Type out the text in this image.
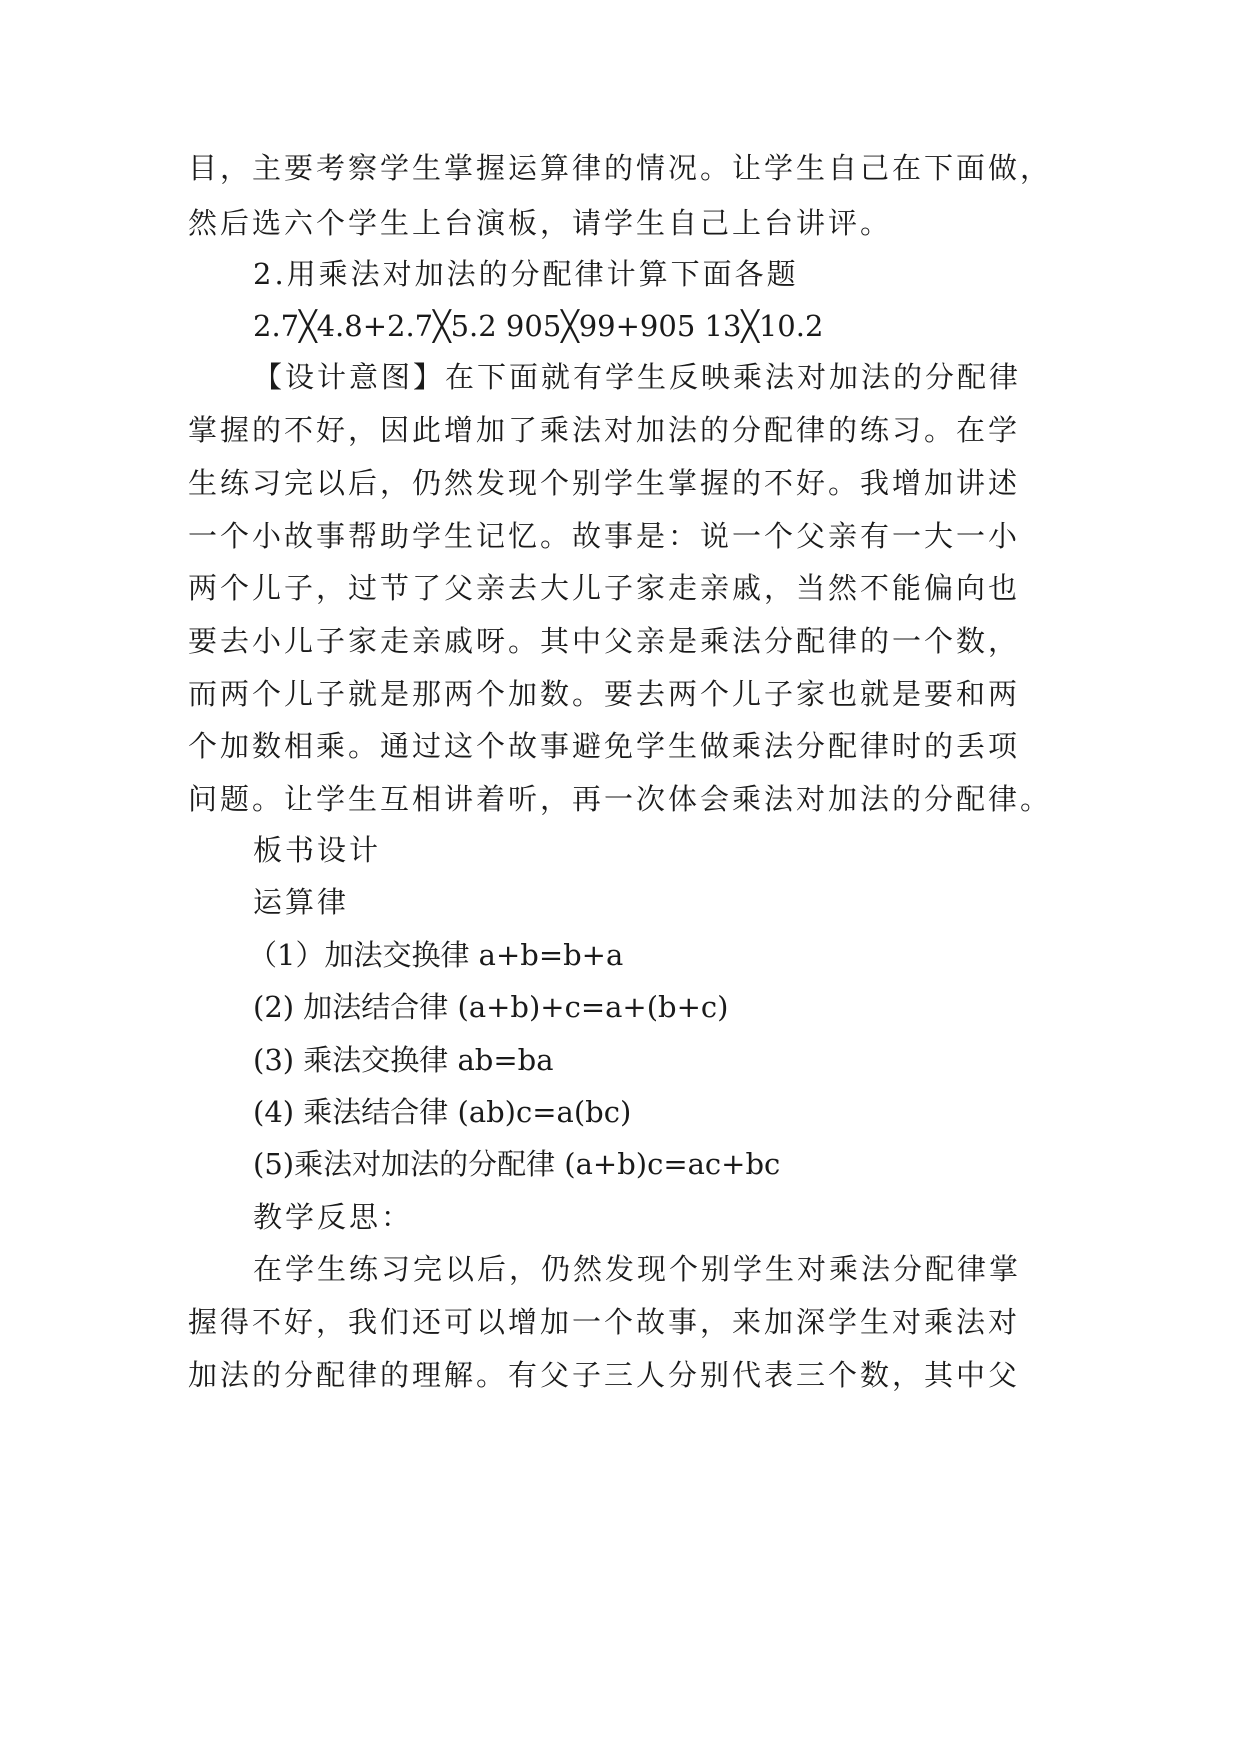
目，主要考察学生掌握运算律的情况。让学生自己在下面做，
然后选六个学生上台演板，请学生自己上台讲评。
2.用乘法对加法的分配律计算下面各题
2.7╳4.8+2.7╳5.2 905╳99+905 13╳10.2
【设计意图】在下面就有学生反映乘法对加法的分配律
掌握的不好，因此增加了乘法对加法的分配律的练习。在学
生练习完以后，仍然发现个别学生掌握的不好。我增加讲述
一个小故事帮助学生记忆。故事是：说一个父亲有一大一小
两个儿子，过节了父亲去大儿子家走亲戚，当然不能偏向也
要去小儿子家走亲戚呀。其中父亲是乘法分配律的一个数，
而两个儿子就是那两个加数。要去两个儿子家也就是要和两
个加数相乘。通过这个故事避免学生做乘法分配律时的丢项
问题。让学生互相讲着听，再一次体会乘法对加法的分配律。
板书设计
运算律
（1）加法交换律 a+b=b+a
(2) 加法结合律 (a+b)+c=a+(b+c)
(3) 乘法交换律 ab=ba
(4) 乘法结合律 (ab)c=a(bc)
(5)乘法对加法的分配律 (a+b)c=ac+bc
教学反思：
在学生练习完以后，仍然发现个别学生对乘法分配律掌
握得不好，我们还可以增加一个故事，来加深学生对乘法对
加法的分配律的理解。有父子三人分别代表三个数，其中父
